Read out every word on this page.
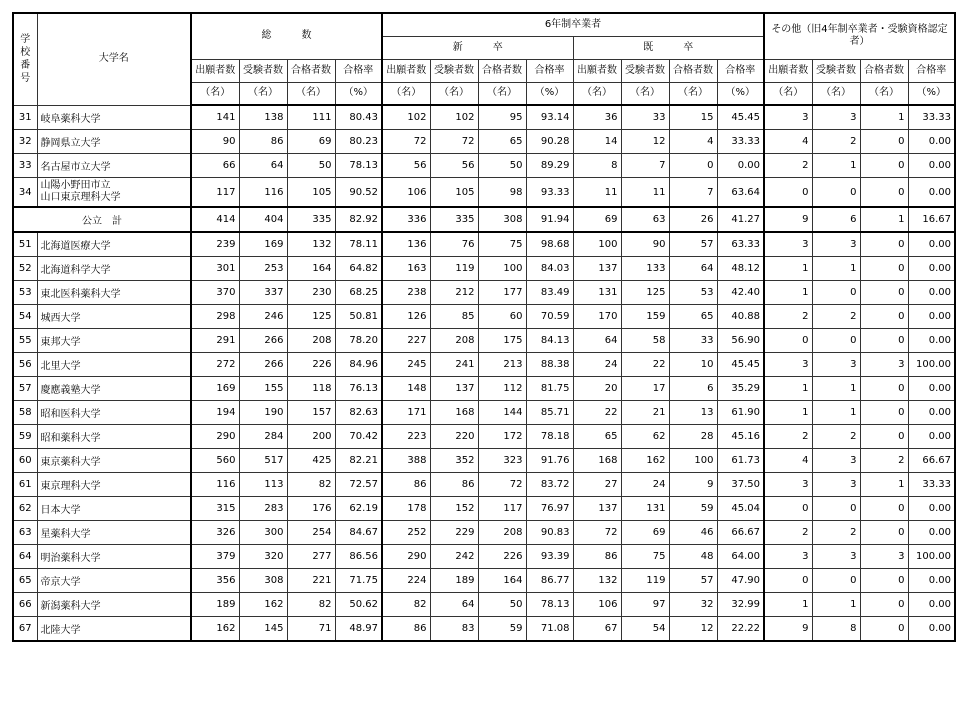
学
校
番
号	大学名	総　　　数				6年制卒業者								その他（旧4年制卒業者・受験資格認定者）			
						新　　　卒				既　　　卒							
		出願者数	受験者数	合格者数	合格率	出願者数	受験者数	合格者数	合格率	出願者数	受験者数	合格者数	合格率	出願者数	受験者数	合格者数	合格率
		（名）	（名）	（名）	（%）	（名）	（名）	（名）	（%）	（名）	（名）	（名）	（%）	（名）	（名）	（名）	（%）
31	岐阜薬科大学	141	138	111	80.43	102	102	95	93.14	36	33	15	45.45	3	3	1	33.33
32	静岡県立大学	90	86	69	80.23	72	72	65	90.28	14	12	4	33.33	4	2	0	0.00
33	名古屋市立大学	66	64	50	78.13	56	56	50	89.29	8	7	0	0.00	2	1	0	0.00
34	山陽小野田市立
山口東京理科大学	117	116	105	90.52	106	105	98	93.33	11	11	7	63.64	0	0	0	0.00
公立　計		414	404	335	82.92	336	335	308	91.94	69	63	26	41.27	9	6	1	16.67
51	北海道医療大学	239	169	132	78.11	136	76	75	98.68	100	90	57	63.33	3	3	0	0.00
52	北海道科学大学	301	253	164	64.82	163	119	100	84.03	137	133	64	48.12	1	1	0	0.00
53	東北医科薬科大学	370	337	230	68.25	238	212	177	83.49	131	125	53	42.40	1	0	0	0.00
54	城西大学	298	246	125	50.81	126	85	60	70.59	170	159	65	40.88	2	2	0	0.00
55	東邦大学	291	266	208	78.20	227	208	175	84.13	64	58	33	56.90	0	0	0	0.00
56	北里大学	272	266	226	84.96	245	241	213	88.38	24	22	10	45.45	3	3	3	100.00
57	慶應義塾大学	169	155	118	76.13	148	137	112	81.75	20	17	6	35.29	1	1	0	0.00
58	昭和医科大学	194	190	157	82.63	171	168	144	85.71	22	21	13	61.90	1	1	0	0.00
59	昭和薬科大学	290	284	200	70.42	223	220	172	78.18	65	62	28	45.16	2	2	0	0.00
60	東京薬科大学	560	517	425	82.21	388	352	323	91.76	168	162	100	61.73	4	3	2	66.67
61	東京理科大学	116	113	82	72.57	86	86	72	83.72	27	24	9	37.50	3	3	1	33.33
62	日本大学	315	283	176	62.19	178	152	117	76.97	137	131	59	45.04	0	0	0	0.00
63	星薬科大学	326	300	254	84.67	252	229	208	90.83	72	69	46	66.67	2	2	0	0.00
64	明治薬科大学	379	320	277	86.56	290	242	226	93.39	86	75	48	64.00	3	3	3	100.00
65	帝京大学	356	308	221	71.75	224	189	164	86.77	132	119	57	47.90	0	0	0	0.00
66	新潟薬科大学	189	162	82	50.62	82	64	50	78.13	106	97	32	32.99	1	1	0	0.00
67	北陸大学	162	145	71	48.97	86	83	59	71.08	67	54	12	22.22	9	8	0	0.00
